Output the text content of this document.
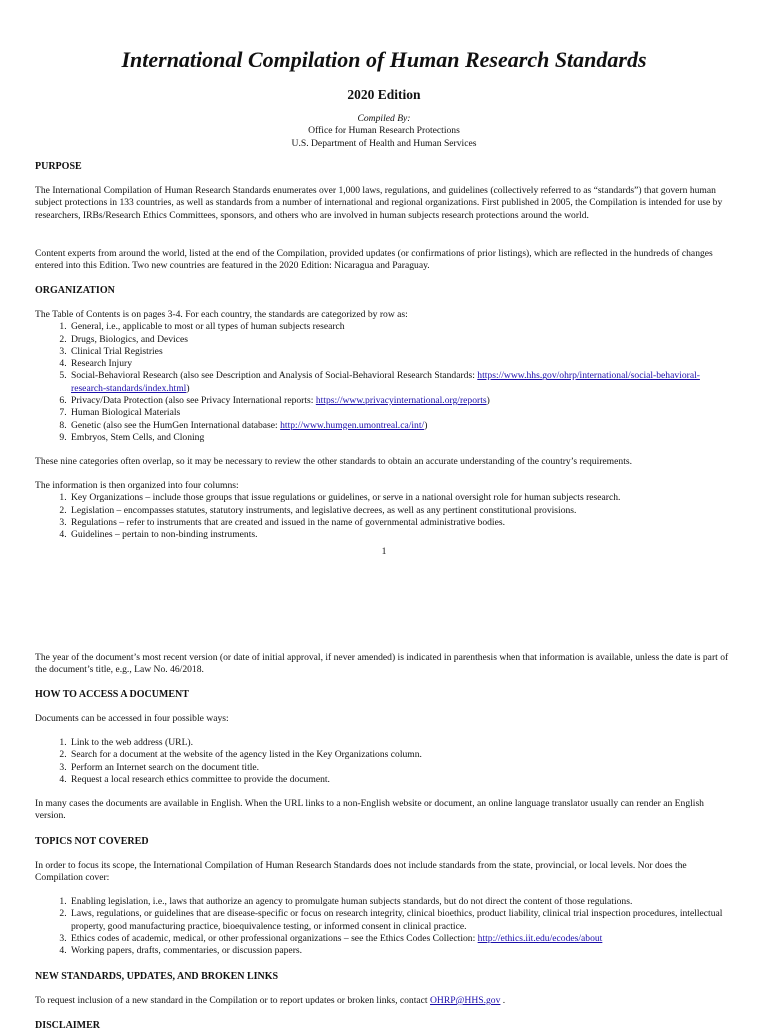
International Compilation of Human Research Standards
2020 Edition
Compiled By:
Office for Human Research Protections
U.S. Department of Health and Human Services
PURPOSE

The International Compilation of Human Research Standards enumerates over 1,000 laws, regulations, and guidelines (collectively referred to as “standards”) that govern human subject protections in 133 countries, as well as standards from a number of international and regional organizations. First published in 2005, the Compilation is intended for use by researchers, IRBs/Research Ethics Committees, sponsors, and others who are involved in human subjects research protections around the world.

Content experts from around the world, listed at the end of the Compilation, provided updates (or confirmations of prior listings), which are reflected in the hundreds of changes entered into this Edition. Two new countries are featured in the 2020 Edition: Nicaragua and Paraguay.

ORGANIZATION

The Table of Contents is on pages 3-4. For each country, the standards are categorized by row as:

1. General, i.e., applicable to most or all types of human subjects research
2. Drugs, Biologics, and Devices
3. Clinical Trial Registries
4. Research Injury
5. Social-Behavioral Research (also see Description and Analysis of Social-Behavioral Research Standards: https://www.hhs.gov/ohrp/international/social-behavioral-research-standards/index.html)
6. Privacy/Data Protection (also see Privacy International reports: https://www.privacyinternational.org/reports)
7. Human Biological Materials
8. Genetic (also see the HumGen International database: http://www.humgen.umontreal.ca/int/)
9. Embryos, Stem Cells, and Cloning

These nine categories often overlap, so it may be necessary to review the other standards to obtain an accurate understanding of the country’s requirements.

The information is then organized into four columns:

1. Key Organizations – include those groups that issue regulations or guidelines, or serve in a national oversight role for human subjects research.
2. Legislation – encompasses statutes, statutory instruments, and legislative decrees, as well as any pertinent constitutional provisions.
3. Regulations – refer to instruments that are created and issued in the name of governmental administrative bodies.
4. Guidelines – pertain to non-binding instruments.
1

The year of the document’s most recent version (or date of initial approval, if never amended) is indicated in parenthesis when that information is available, unless the date is part of the document’s title, e.g., Law No. 46/2018.

HOW TO ACCESS A DOCUMENT

Documents can be accessed in four possible ways:

1. Link to the web address (URL).
2. Search for a document at the website of the agency listed in the Key Organizations column.
3. Perform an Internet search on the document title.
4. Request a local research ethics committee to provide the document.

In many cases the documents are available in English. When the URL links to a non-English website or document, an online language translator usually can render an English version.

TOPICS NOT COVERED

In order to focus its scope, the International Compilation of Human Research Standards does not include standards from the state, provincial, or local levels. Nor does the Compilation cover:

1. Enabling legislation, i.e., laws that authorize an agency to promulgate human subjects standards, but do not direct the content of those regulations.
2. Laws, regulations, or guidelines that are disease-specific or focus on research integrity, clinical bioethics, product liability, clinical trial inspection procedures, intellectual property, good manufacturing practice, bioequivalence testing, or informed consent in clinical practice.
3. Ethics codes of academic, medical, or other professional organizations – see the Ethics Codes Collection: http://ethics.iit.edu/ecodes/about
4. Working papers, drafts, commentaries, or discussion papers.
NEW STANDARDS, UPDATES, AND BROKEN LINKS

To request inclusion of a new standard in the Compilation or to report updates or broken links, contact OHRP@HHS.gov .

DISCLAIMER
